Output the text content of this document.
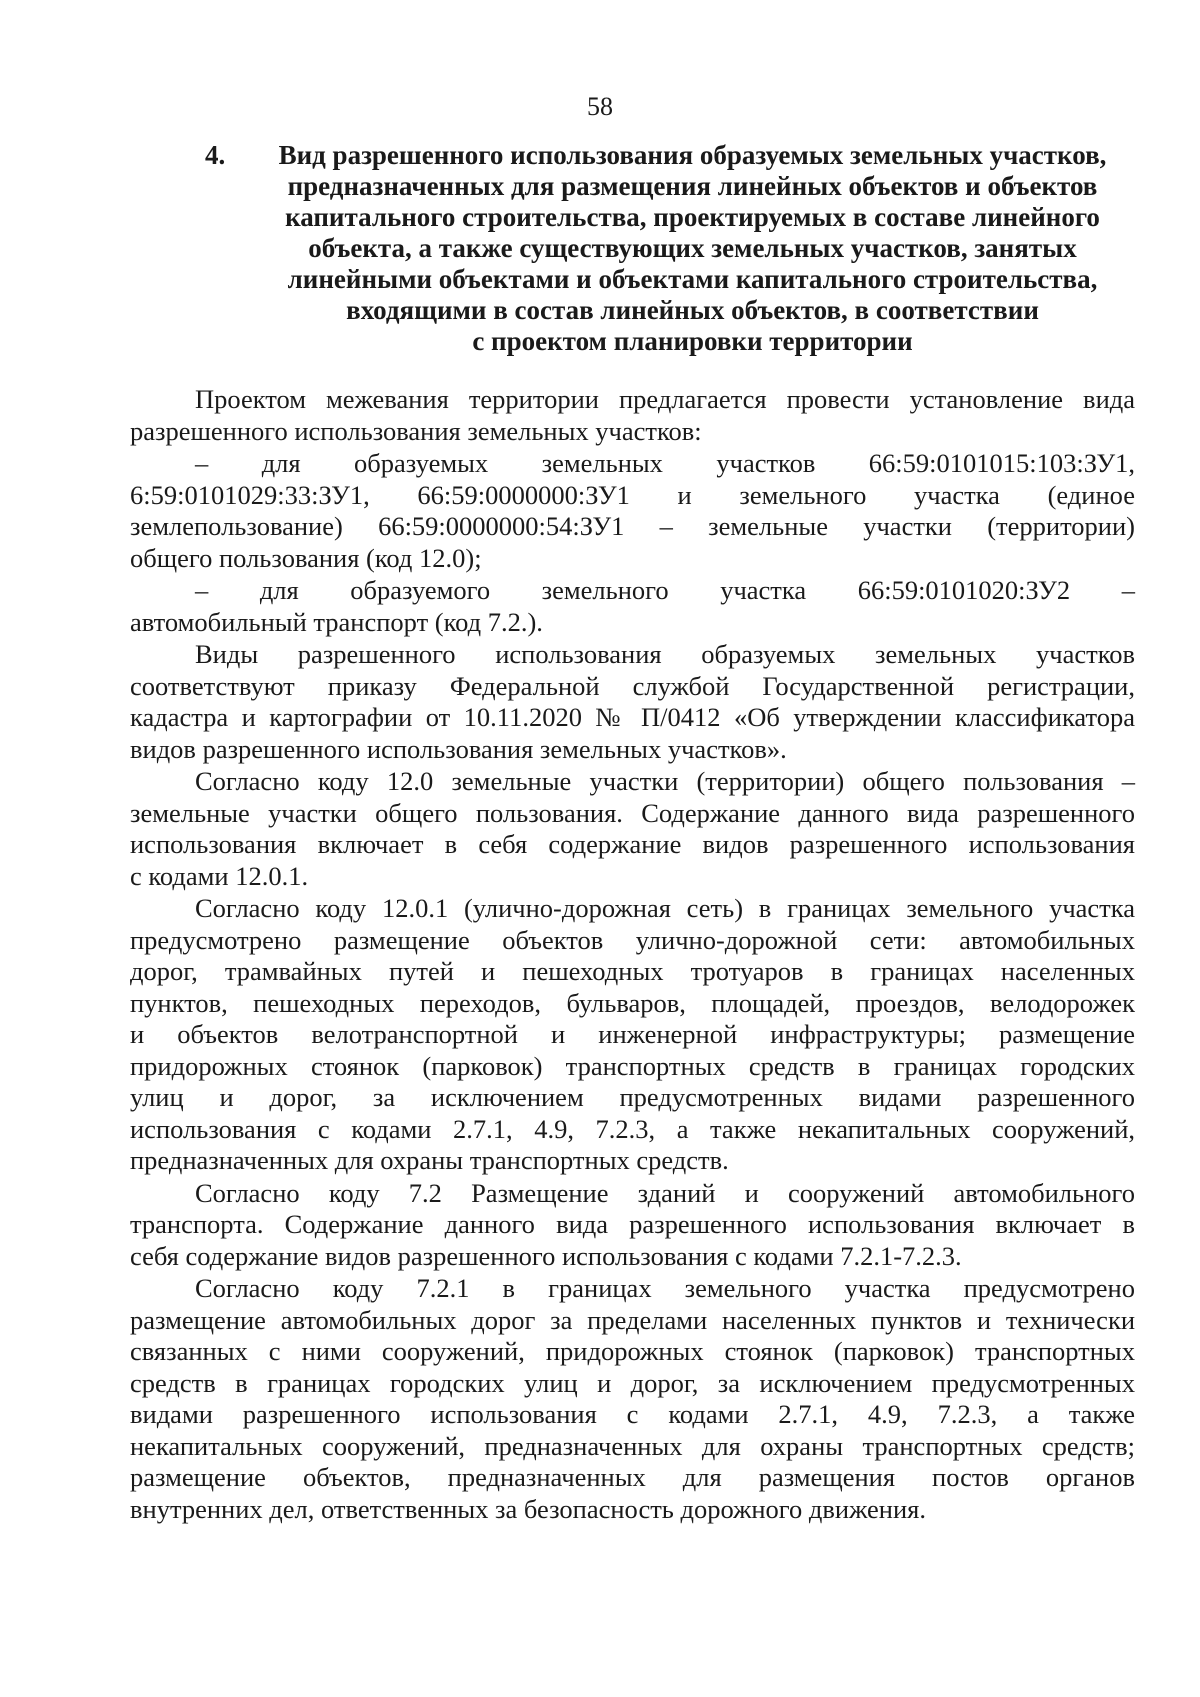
58
4.	Вид разрешенного использования образуемых земельных участков,
предназначенных для размещения линейных объектов и объектов
капитального строительства, проектируемых в составе линейного
объекта, а также существующих земельных участков, занятых
линейными объектами и объектами капитального строительства,
входящими в состав линейных объектов, в соответствии
с проектом планировки территории
Проектом межевания территории предлагается провести установление вида
разрешенного использования земельных участков:
– для образуемых земельных участков 66:59:0101015:103:ЗУ1,
6:59:0101029:33:ЗУ1, 66:59:0000000:ЗУ1 и земельного участка (единое
землепользование) 66:59:0000000:54:ЗУ1 – земельные участки (территории)
общего пользования (код 12.0);
– для образуемого земельного участка 66:59:0101020:ЗУ2 –
автомобильный транспорт (код 7.2.).
Виды разрешенного использования образуемых земельных участков
соответствуют приказу Федеральной службой Государственной регистрации,
кадастра и картографии от 10.11.2020 № П/0412 «Об утверждении классификатора
видов разрешенного использования земельных участков».
Согласно коду 12.0 земельные участки (территории) общего пользования –
земельные участки общего пользования. Содержание данного вида разрешенного
использования включает в себя содержание видов разрешенного использования
с кодами 12.0.1.
Согласно коду 12.0.1 (улично-дорожная сеть) в границах земельного участка
предусмотрено размещение объектов улично-дорожной сети: автомобильных
дорог, трамвайных путей и пешеходных тротуаров в границах населенных
пунктов, пешеходных переходов, бульваров, площадей, проездов, велодорожек
и объектов велотранспортной и инженерной инфраструктуры; размещение
придорожных стоянок (парковок) транспортных средств в границах городских
улиц и дорог, за исключением предусмотренных видами разрешенного
использования с кодами 2.7.1, 4.9, 7.2.3, а также некапитальных сооружений,
предназначенных для охраны транспортных средств.
Согласно коду 7.2 Размещение зданий и сооружений автомобильного
транспорта. Содержание данного вида разрешенного использования включает в
себя содержание видов разрешенного использования с кодами 7.2.1-7.2.3.
Согласно коду 7.2.1 в границах земельного участка предусмотрено
размещение автомобильных дорог за пределами населенных пунктов и технически
связанных с ними сооружений, придорожных стоянок (парковок) транспортных
средств в границах городских улиц и дорог, за исключением предусмотренных
видами разрешенного использования с кодами 2.7.1, 4.9, 7.2.3, а также
некапитальных сооружений, предназначенных для охраны транспортных средств;
размещение объектов, предназначенных для размещения постов органов
внутренних дел, ответственных за безопасность дорожного движения.
